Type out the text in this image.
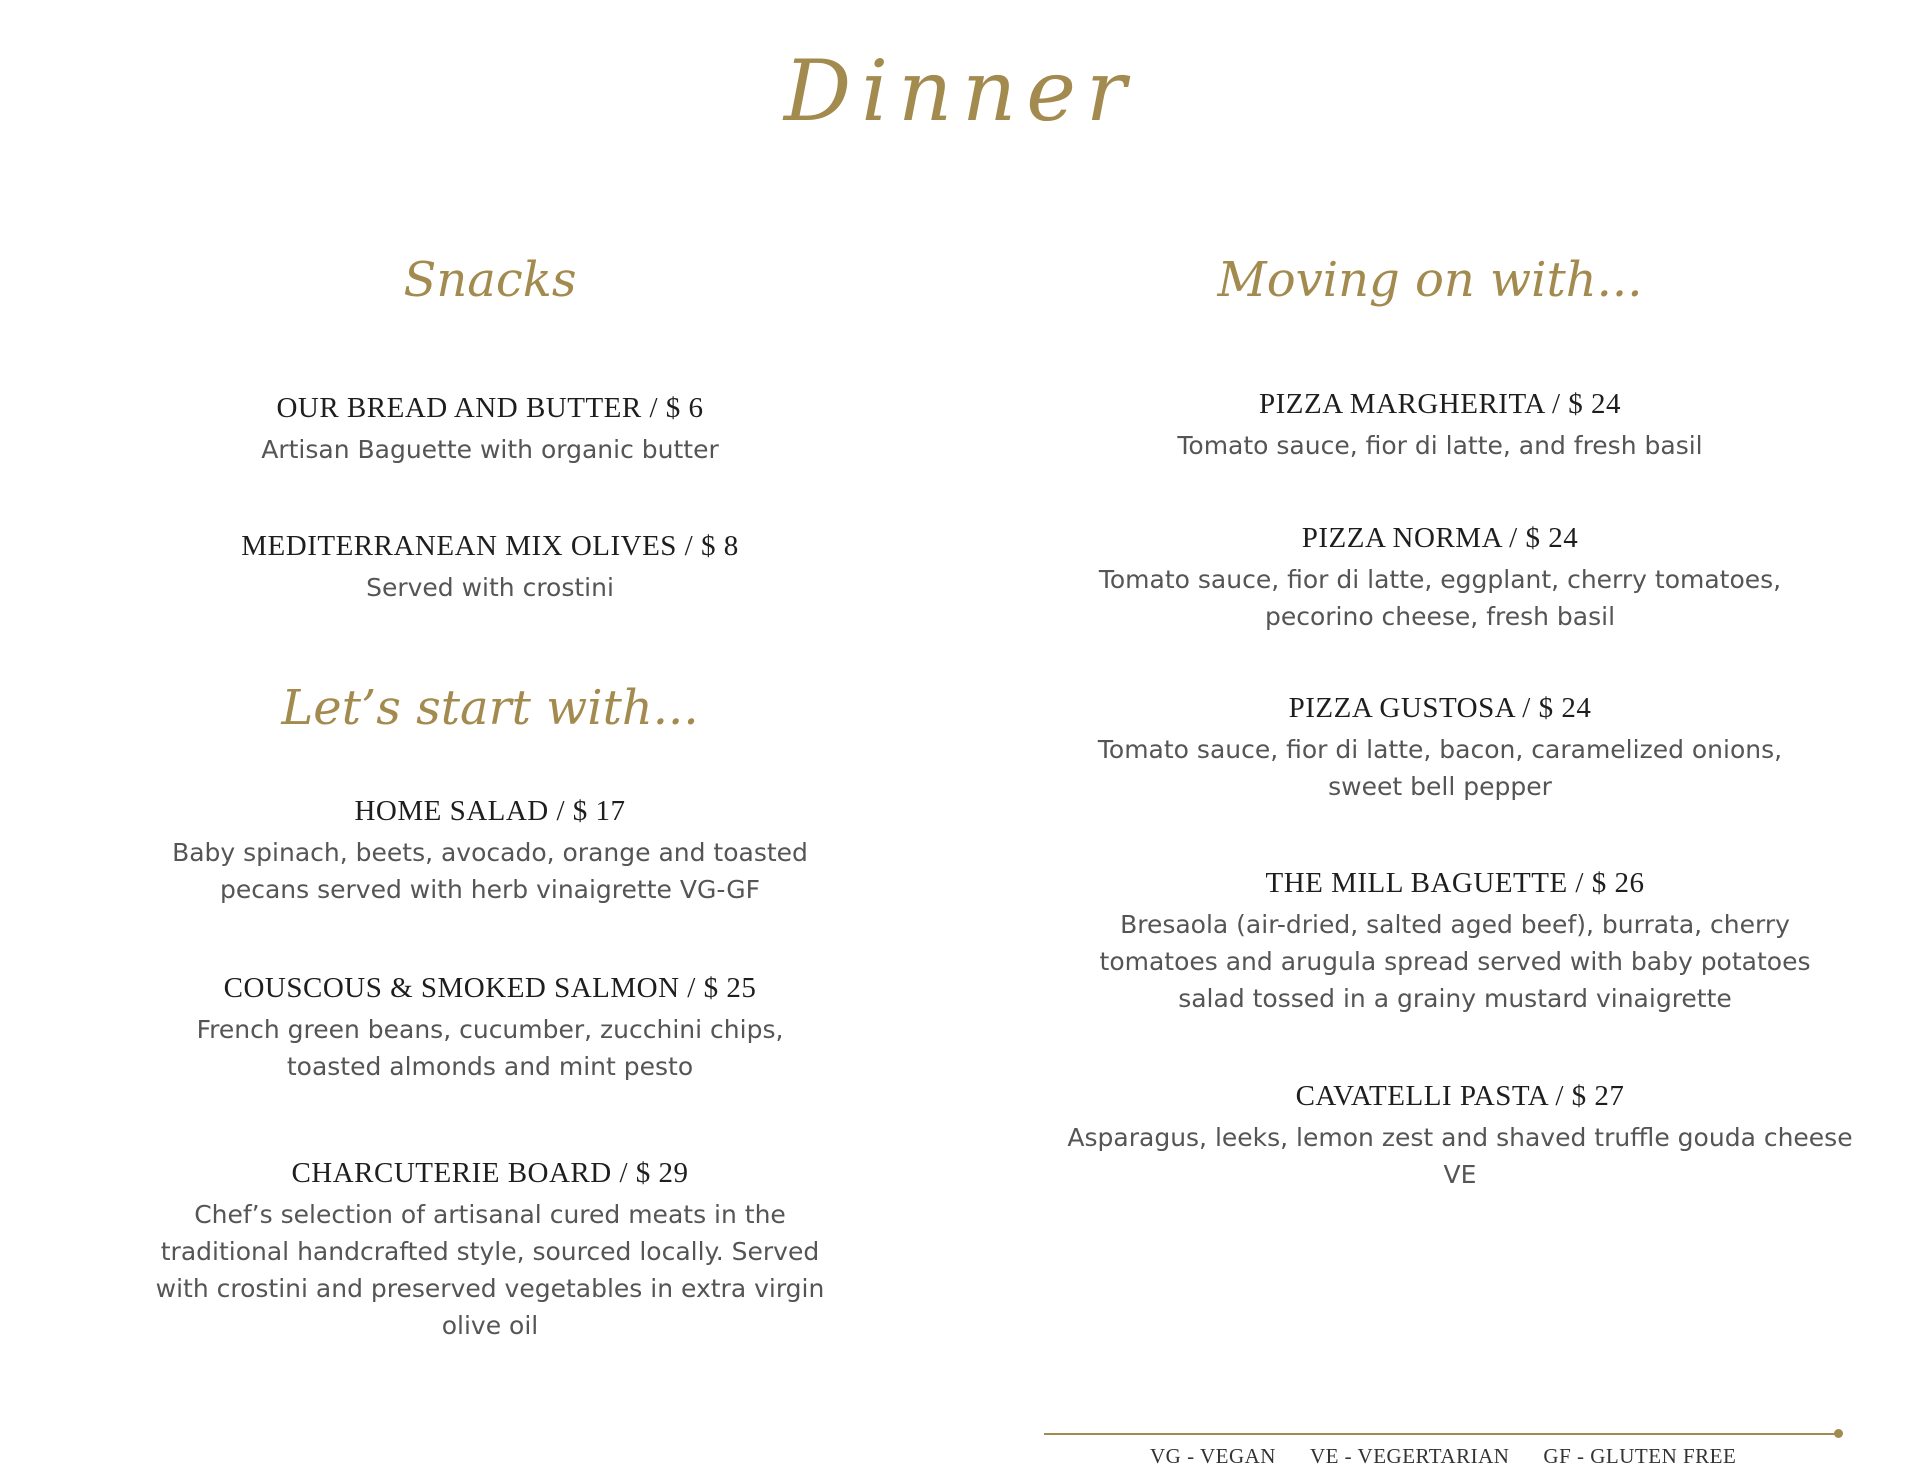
Dinner
Snacks
OUR BREAD AND BUTTER / $ 6

Artisan Baguette with organic butter

MEDITERRANEAN MIX OLIVES / $ 8

Served with crostini

Let’s start with...
HOME SALAD / $ 17

Baby spinach, beets, avocado, orange and toasted
pecans served with herb vinaigrette VG-GF

COUSCOUS & SMOKED SALMON / $ 25

French green beans, cucumber, zucchini chips,
toasted almonds and mint pesto

CHARCUTERIE BOARD / $ 29

Chef’s selection of artisanal cured meats in the
traditional handcrafted style, sourced locally. Served
with crostini and preserved vegetables in extra virgin
olive oil

Moving on with...
PIZZA MARGHERITA / $ 24

Tomato sauce, fior di latte, and fresh basil

PIZZA NORMA / $ 24

Tomato sauce, fior di latte, eggplant, cherry tomatoes,
pecorino cheese, fresh basil

PIZZA GUSTOSA / $ 24

Tomato sauce, fior di latte, bacon, caramelized onions,
sweet bell pepper

THE MILL BAGUETTE / $ 26

Bresaola (air-dried, salted aged beef), burrata, cherry
tomatoes and arugula spread served with baby potatoes
salad tossed in a grainy mustard vinaigrette

CAVATELLI PASTA / $ 27

Asparagus, leeks, lemon zest and shaved truffle gouda cheese
VE

VG - VEGAN VE - VEGERTARIAN GF - GLUTEN FREE
